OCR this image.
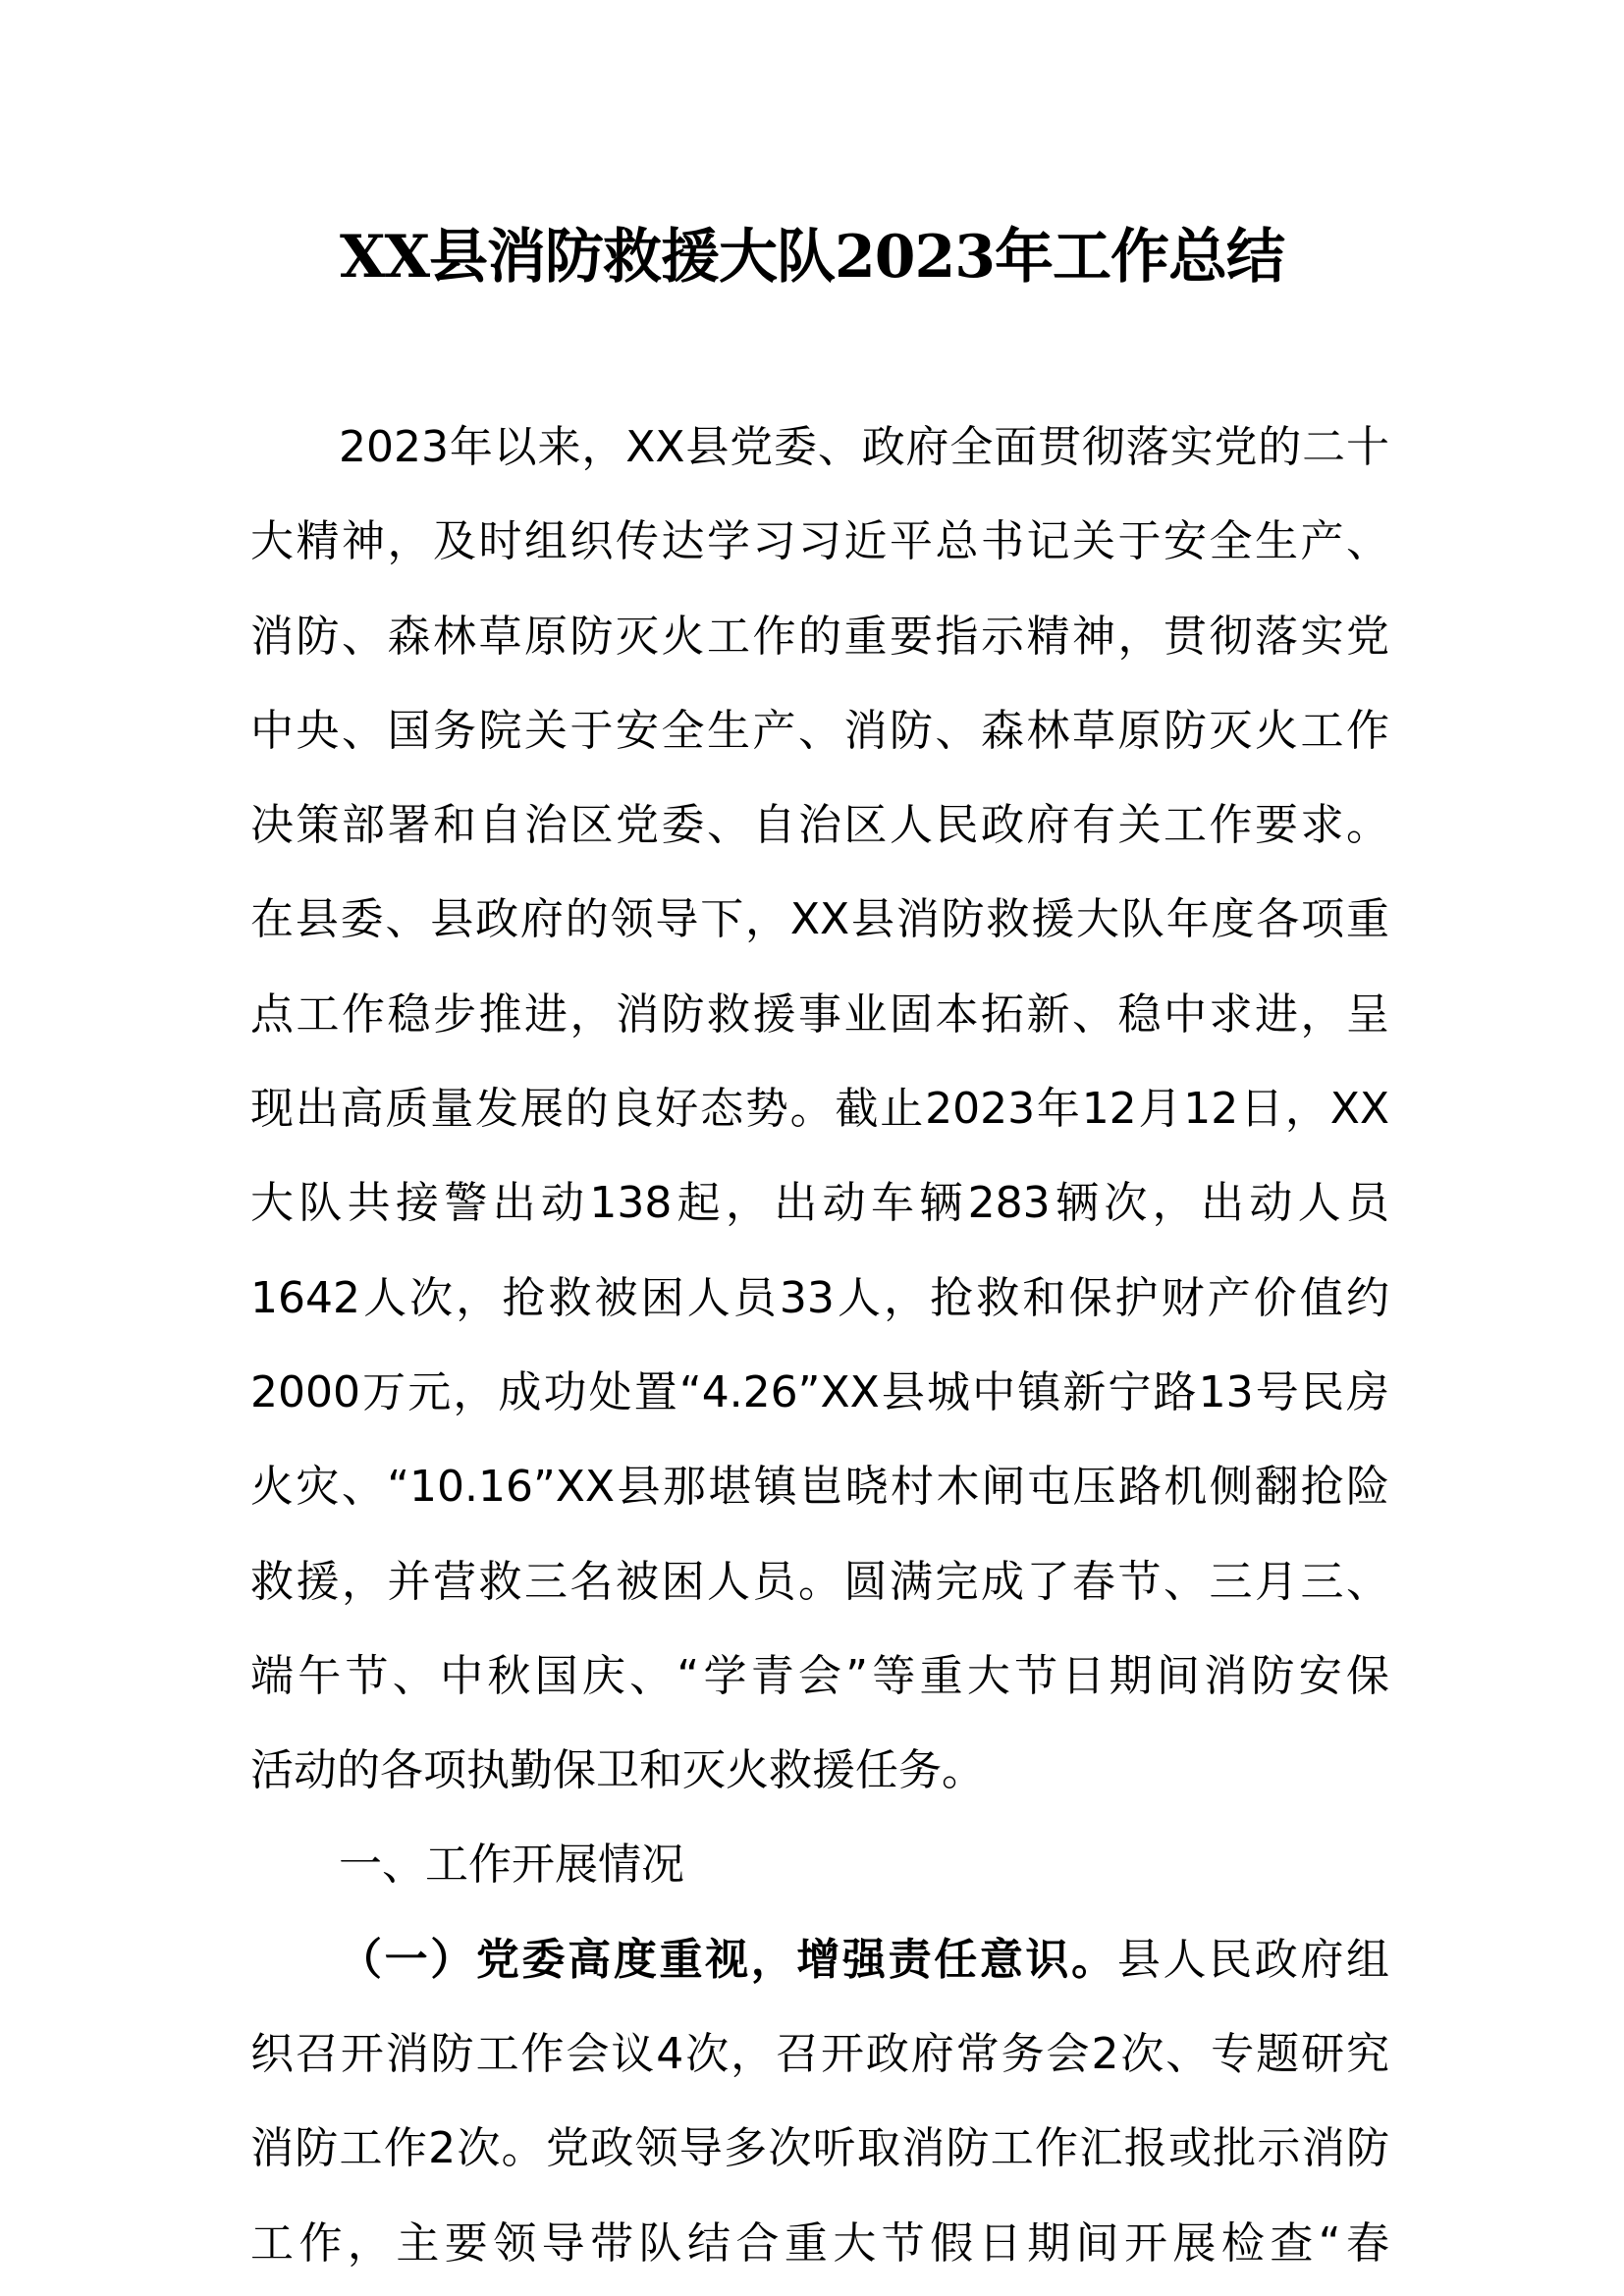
XX县消防救援大队2023年工作总结
2023年以来，XX县党委、政府全面贯彻落实党的二十
大精神，及时组织传达学习习近平总书记关于安全生产、
消防、森林草原防灭火工作的重要指示精神，贯彻落实党
中央、国务院关于安全生产、消防、森林草原防灭火工作
决策部署和自治区党委、自治区人民政府有关工作要求。
在县委、县政府的领导下，XX县消防救援大队年度各项重
点工作稳步推进，消防救援事业固本拓新、稳中求进，呈
现出高质量发展的良好态势。截止2023年12月12日，XX
大队共接警出动138起，出动车辆283辆次，出动人员
1642人次，抢救被困人员33人，抢救和保护财产价值约
2000万元，成功处置“4.26”XX县城中镇新宁路13号民房
火灾、“10.16”XX县那堪镇岜晓村木闸屯压路机侧翻抢险
救援，并营救三名被困人员。圆满完成了春节、三月三、
端午节、中秋国庆、“学青会”等重大节日期间消防安保
活动的各项执勤保卫和灭火救援任务。
一、工作开展情况
（一）党委高度重视，增强责任意识。县人民政府组
织召开消防工作会议4次，召开政府常务会2次、专题研究
消防工作2次。党政领导多次听取消防工作汇报或批示消防
工作，主要领导带队结合重大节假日期间开展检查“春
